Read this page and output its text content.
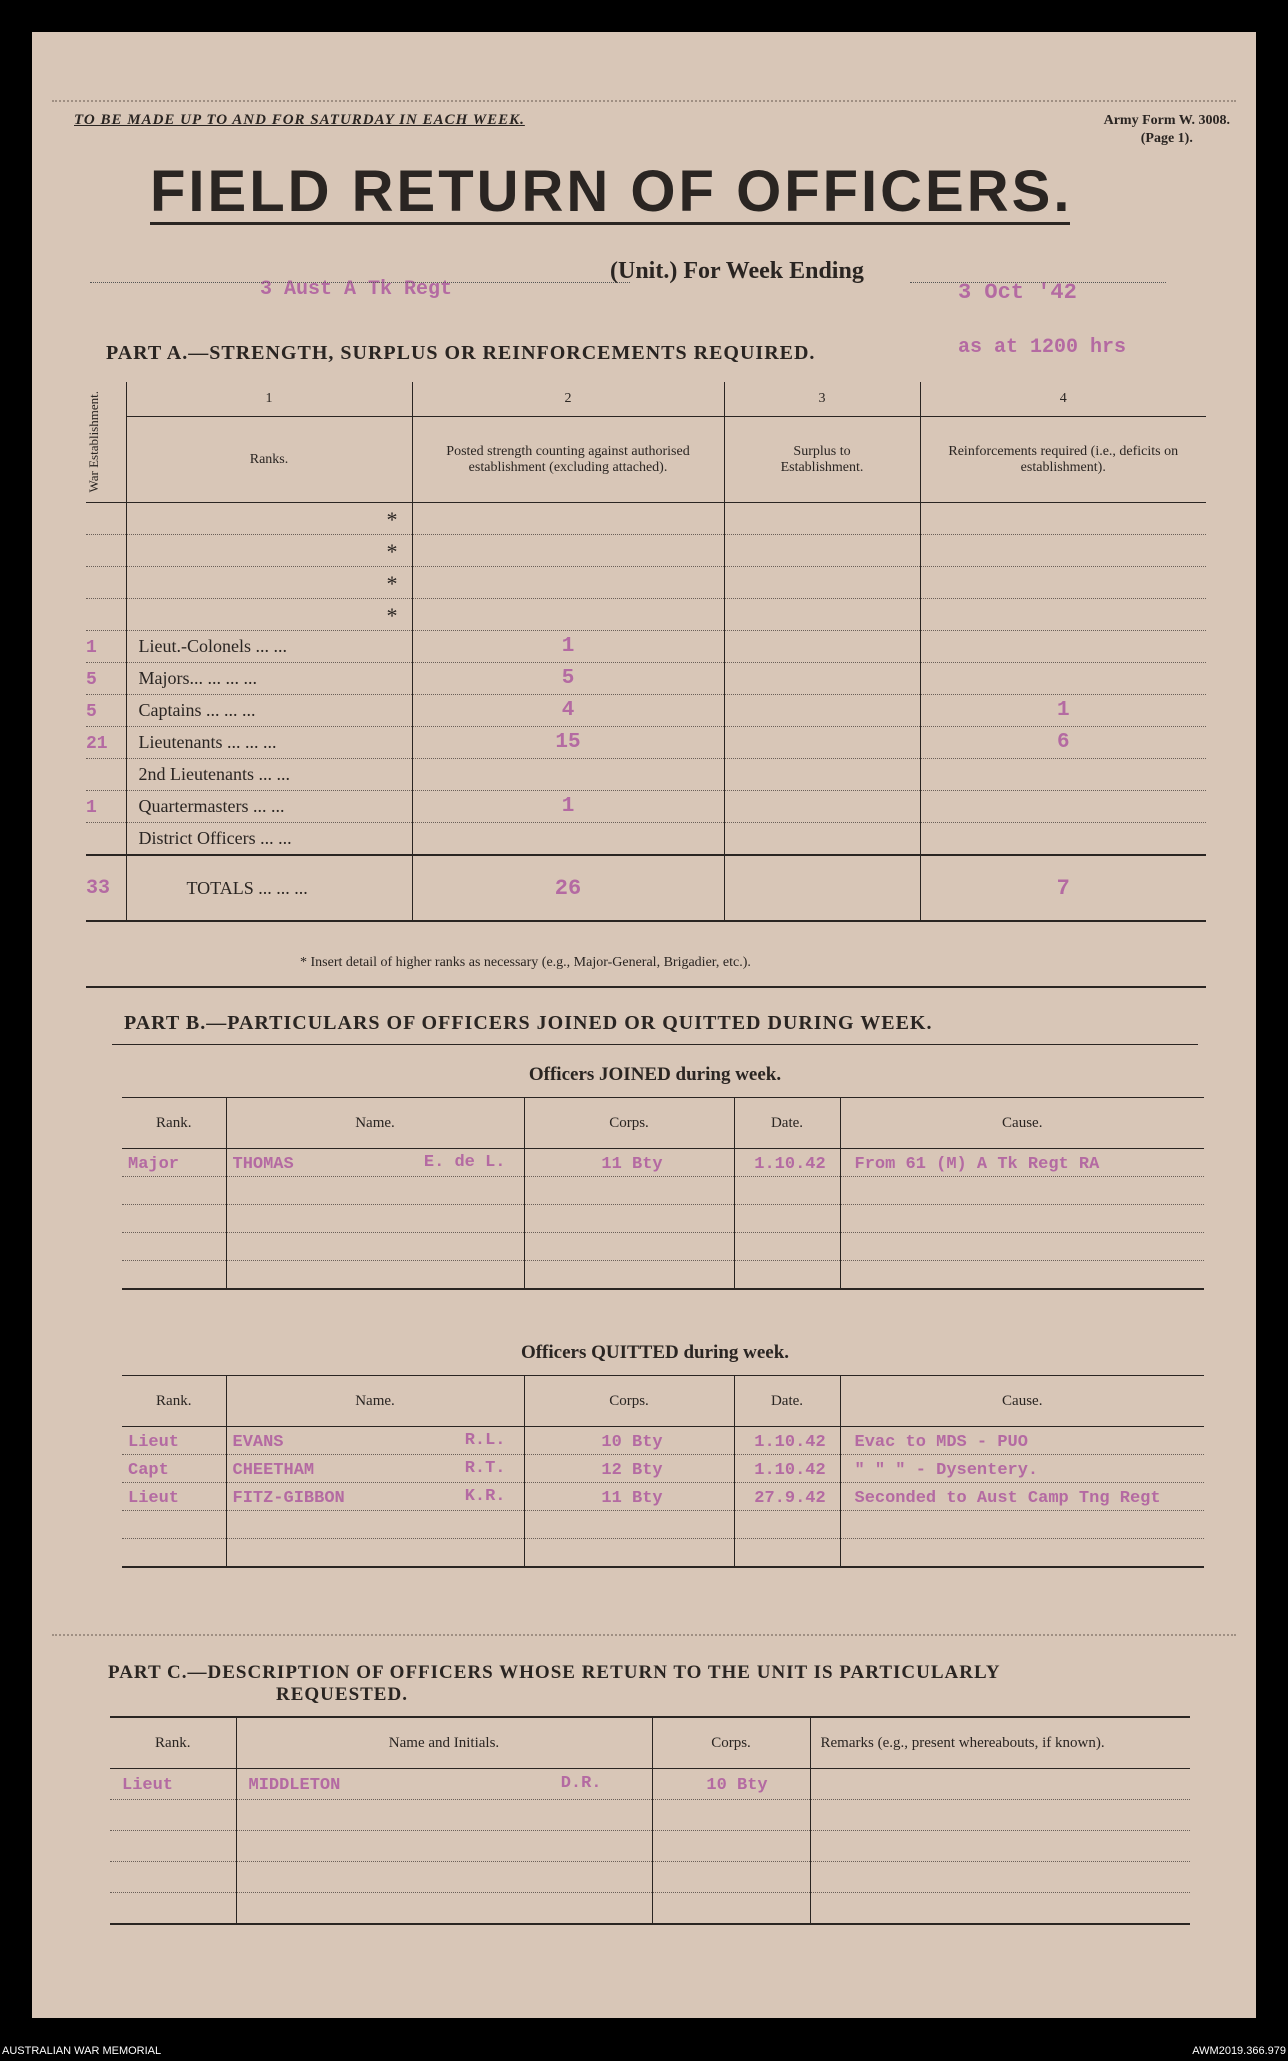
TO BE MADE UP TO AND FOR SATURDAY IN EACH WEEK.	Army Form W. 3008.
(Page 1).
FIELD RETURN OF OFFICERS.
3 Aust A Tk Regt
(Unit.) For Week Ending
3 Oct '42
as at 1200 hrs
PART A.—STRENGTH, SURPLUS OR REINFORCEMENTS REQUIRED.
War Establishment.	1	2	3	4
	Ranks.	Posted strength counting against authorised establishment (excluding attached).	Surplus to Establishment.	Reinforcements required (i.e., deficits on establishment).

	*			

	*			

	*			

	*			

1	Lieut.-Colonels ... ...	1		
5	Majors... ... ... ...	5		
5	Captains ... ... ...	4		1
21	Lieutenants ... ... ...	15		6
	2nd Lieutenants ... ...

1	Quartermasters ... ...	1		
	District Officers ... ...

33	TOTALS ... ... ...	26		7
* Insert detail of higher ranks as necessary (e.g., Major-General, Brigadier, etc.).
PART B.—PARTICULARS OF OFFICERS JOINED OR QUITTED DURING WEEK.
Officers JOINED during week.
Rank.	Name.	Corps.	Date.	Cause.
Major	THOMAS E. de L.	11 Bty	1.10.42	From 61 (M) A Tk Regt RA

Officers QUITTED during week.
Rank.	Name.	Corps.	Date.	Cause.
Lieut	EVANS R.L.	10 Bty	1.10.42	Evac to MDS - PUO
Capt	CHEETHAM R.T.	12 Bty	1.10.42	" " " - Dysentery.
Lieut	FITZ-GIBBON K.R.	11 Bty	27.9.42	Seconded to Aust Camp Tng Regt

PART C.—DESCRIPTION OF OFFICERS WHOSE RETURN TO THE UNIT IS PARTICULARLY
REQUESTED.
Rank.	Name and Initials.	Corps.	Remarks (e.g., present whereabouts, if known).
Lieut	MIDDLETON D.R.	10 Bty	

AUSTRALIAN WAR MEMORIAL	AWM2019.366.979
